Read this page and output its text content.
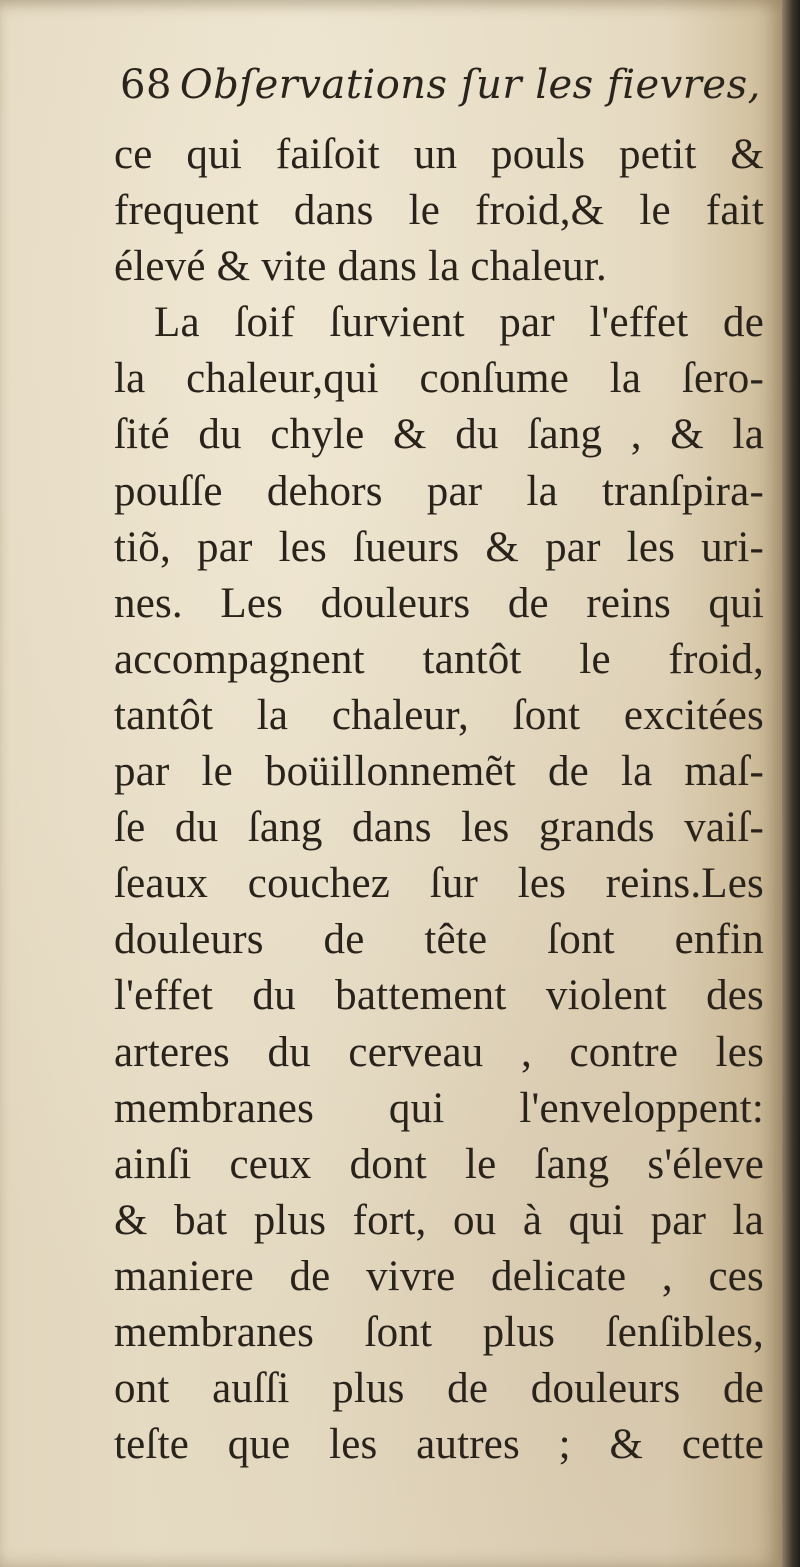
68 Obſervations ſur les fievres,
ce qui faiſoit un pouls petit &
frequent dans le froid,& le fait
élevé & vite dans la chaleur.
La ſoif ſurvient par l'effet de
la chaleur,qui conſume la ſero-
ſité du chyle & du ſang , & la
pouſſe dehors par la tranſpira-
tiõ, par les ſueurs & par les uri-
nes. Les douleurs de reins qui
accompagnent tantôt le froid,
tantôt la chaleur, ſont excitées
par le boüillonnemẽt de la maſ-
ſe du ſang dans les grands vaiſ-
ſeaux couchez ſur les reins.Les
douleurs de tête ſont enfin
l'effet du battement violent des
arteres du cerveau , contre les
membranes qui l'enveloppent:
ainſi ceux dont le ſang s'éleve
& bat plus fort, ou à qui par la
maniere de vivre delicate , ces
membranes ſont plus ſenſibles,
ont auſſi plus de douleurs de
teſte que les autres ; & cette
